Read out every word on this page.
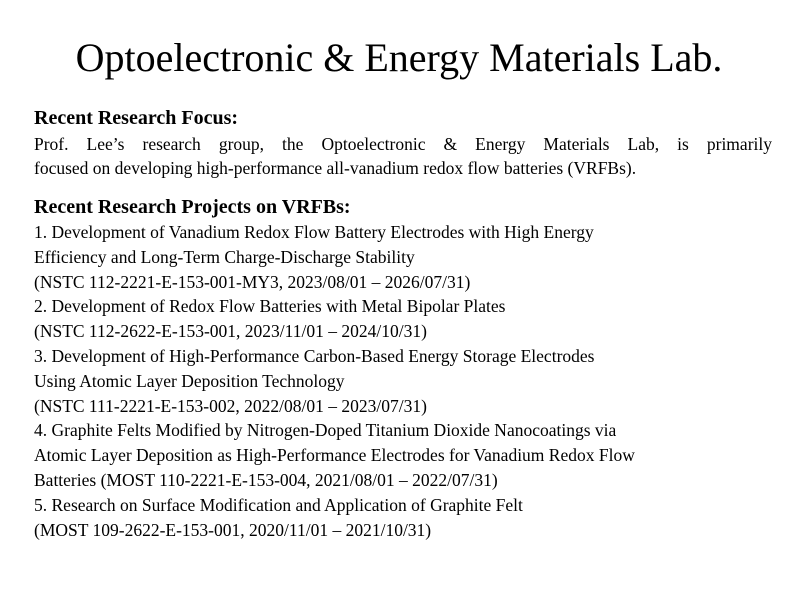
Optoelectronic & Energy Materials Lab.
Recent Research Focus:
Prof. Lee’s research group, the Optoelectronic & Energy Materials Lab, is primarily
focused on developing high-performance all-vanadium redox flow batteries (VRFBs).
Recent Research Projects on VRFBs:
1. Development of Vanadium Redox Flow Battery Electrodes with High Energy
Efficiency and Long-Term Charge-Discharge Stability
(NSTC 112-2221-E-153-001-MY3, 2023/08/01 – 2026/07/31)
2. Development of Redox Flow Batteries with Metal Bipolar Plates
(NSTC 112-2622-E-153-001, 2023/11/01 – 2024/10/31)
3. Development of High-Performance Carbon-Based Energy Storage Electrodes
Using Atomic Layer Deposition Technology
(NSTC 111-2221-E-153-002, 2022/08/01 – 2023/07/31)
4. Graphite Felts Modified by Nitrogen-Doped Titanium Dioxide Nanocoatings via
Atomic Layer Deposition as High-Performance Electrodes for Vanadium Redox Flow
Batteries (MOST 110-2221-E-153-004, 2021/08/01 – 2022/07/31)
5. Research on Surface Modification and Application of Graphite Felt
(MOST 109-2622-E-153-001, 2020/11/01 – 2021/10/31)
